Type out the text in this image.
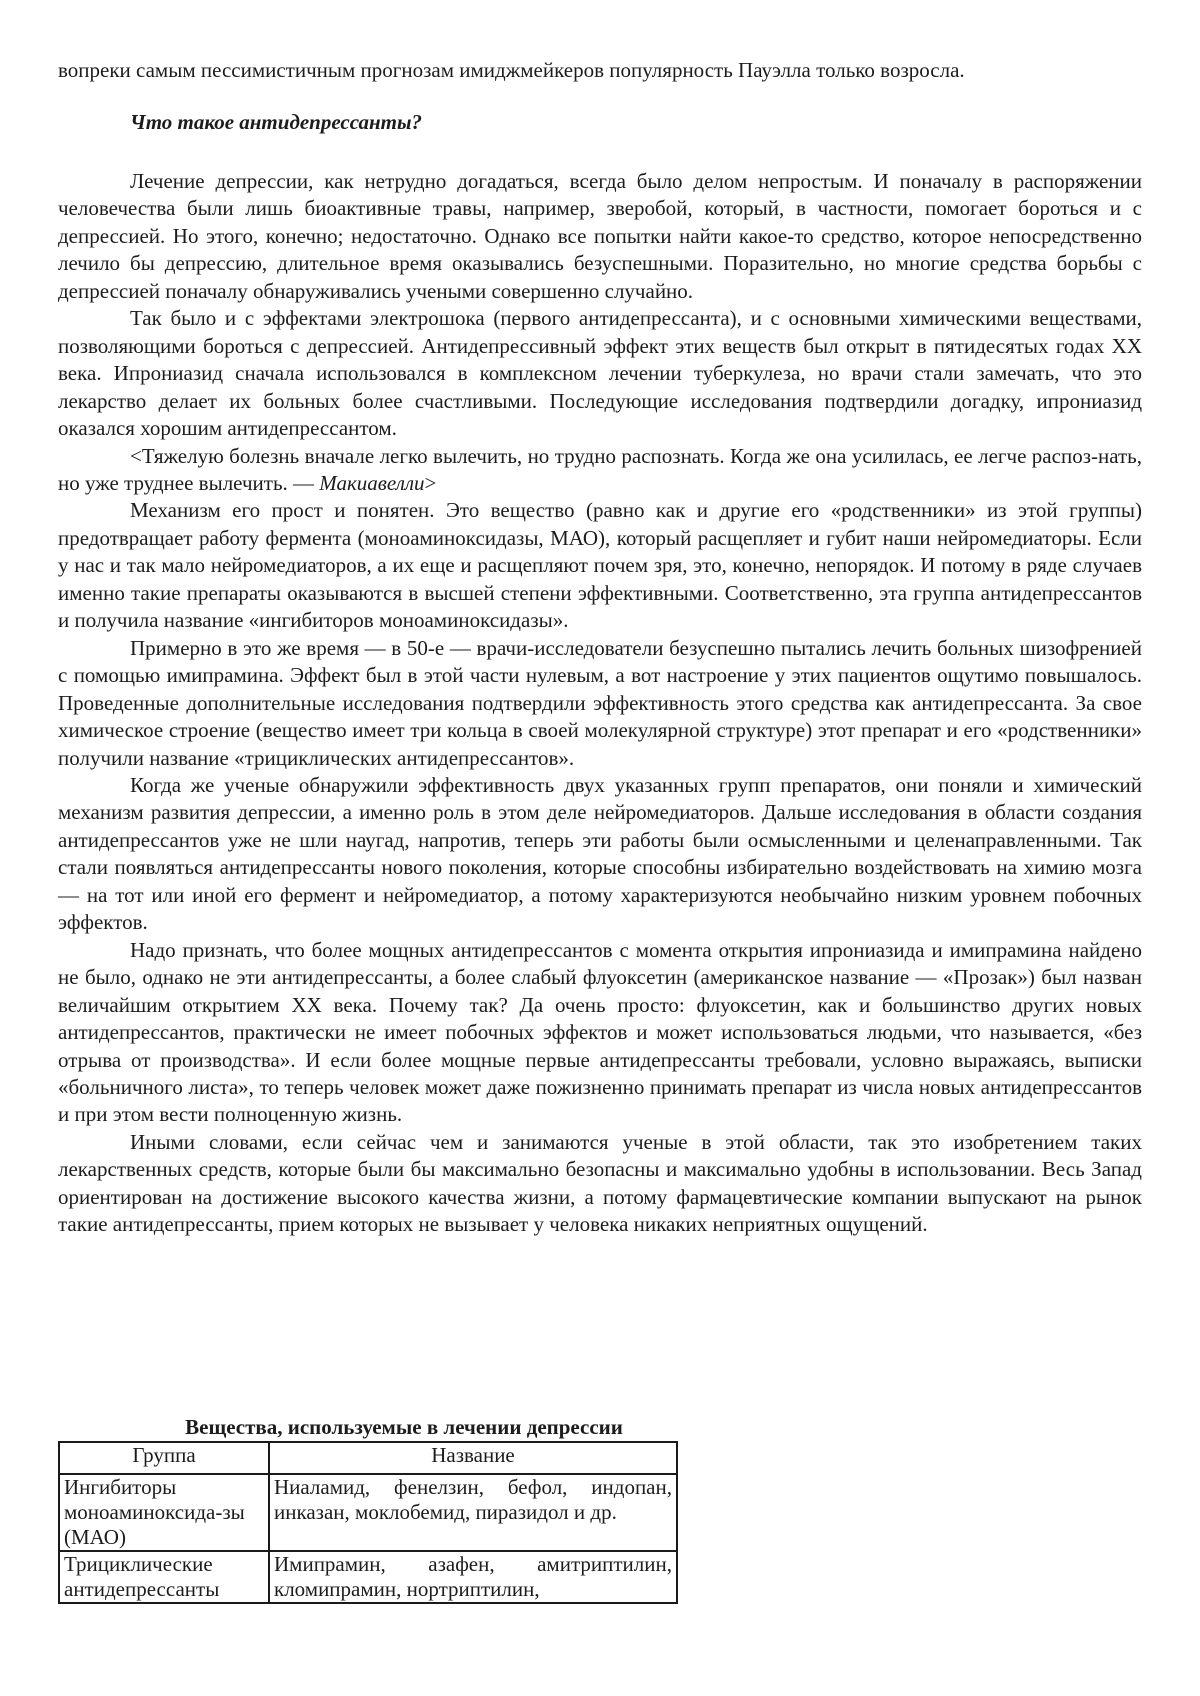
вопреки самым пессимистичным прогнозам имиджмейкеров популярность Пауэлла только возросла.
Что такое антидепрессанты?

Лечение депрессии, как нетрудно догадаться, всегда было делом непростым. И поначалу в распоряжении человечества были лишь биоактивные травы, например, зверобой, который, в частности, помогает бороться и с депрессией. Но этого, конечно; недостаточно. Однако все попытки найти какое-то средство, которое непосредственно лечило бы депрессию, длительное время оказывались безуспешными. Поразительно, но многие средства борьбы с депрессией поначалу обнаруживались учеными совершенно случайно.

Так было и с эффектами электрошока (первого антидепрессанта), и с основными химическими веществами, позволяющими бороться с депрессией. Антидепрессивный эффект этих веществ был открыт в пятидесятых годах XX века. Ипрониазид сначала использовался в комплексном лечении туберкулеза, но врачи стали замечать, что это лекарство делает их больных более счастливыми. Последующие исследования подтвердили догадку, ипрониазид оказался хорошим антидепрессантом.

<Тяжелую болезнь вначале легко вылечить, но трудно распознать. Когда же она усилилась, ее легче распоз-нать, но уже труднее вылечить. — Макиавелли>

Механизм его прост и понятен. Это вещество (равно как и другие его «родственники» из этой группы) предотвращает работу фермента (моноаминоксидазы, МАО), который расщепляет и губит наши нейромедиаторы. Если у нас и так мало нейромедиаторов, а их еще и расщепляют почем зря, это, конечно, непорядок. И потому в ряде случаев именно такие препараты оказываются в высшей степени эффективными. Соответственно, эта группа антидепрессантов и получила название «ингибиторов моноаминоксидазы».

Примерно в это же время — в 50-е — врачи-исследователи безуспешно пытались лечить больных шизофренией с помощью имипрамина. Эффект был в этой части нулевым, а вот настроение у этих пациентов ощутимо повышалось. Проведенные дополнительные исследования подтвердили эффективность этого средства как антидепрессанта. За свое химическое строение (вещество имеет три кольца в своей молекулярной структуре) этот препарат и его «родственники» получили название «трициклических антидепрессантов».

Когда же ученые обнаружили эффективность двух указанных групп препаратов, они поняли и химический механизм развития депрессии, а именно роль в этом деле нейромедиаторов. Дальше исследования в области создания антидепрессантов уже не шли наугад, напротив, теперь эти работы были осмысленными и целенаправленными. Так стали появляться антидепрессанты нового поколения, которые способны избирательно воздействовать на химию мозга — на тот или иной его фермент и нейромедиатор, а потому характеризуются необычайно низким уровнем побочных эффектов.

Надо признать, что более мощных антидепрессантов с момента открытия ипрониазида и имипрамина найдено не было, однако не эти антидепрессанты, а более слабый флуоксетин (американское название — «Прозак») был назван величайшим открытием XX века. Почему так? Да очень просто: флуоксетин, как и большинство других новых антидепрессантов, практически не имеет побочных эффектов и может использоваться людьми, что называется, «без отрыва от производства». И если более мощные первые антидепрессанты требовали, условно выражаясь, выписки «больничного листа», то теперь человек может даже пожизненно принимать препарат из числа новых антидепрессантов и при этом вести полноценную жизнь.

Иными словами, если сейчас чем и занимаются ученые в этой области, так это изобретением таких лекарственных средств, которые были бы максимально безопасны и максимально удобны в использовании. Весь Запад ориентирован на достижение высокого качества жизни, а потому фармацевтические компании выпускают на рынок такие антидепрессанты, прием которых не вызывает у человека никаких неприятных ощущений.

Вещества, используемые в лечении депрессии
Группа	Название

Ингибиторы моноаминоксида-зы (МАО)
	Ниаламид, фенелзин, бефол, индопан, инказан, моклобемид, пиразидол и др.

Трициклические антидепрессанты
	Имипрамин, азафен, амитриптилин, кломипрамин, нортриптилин,
